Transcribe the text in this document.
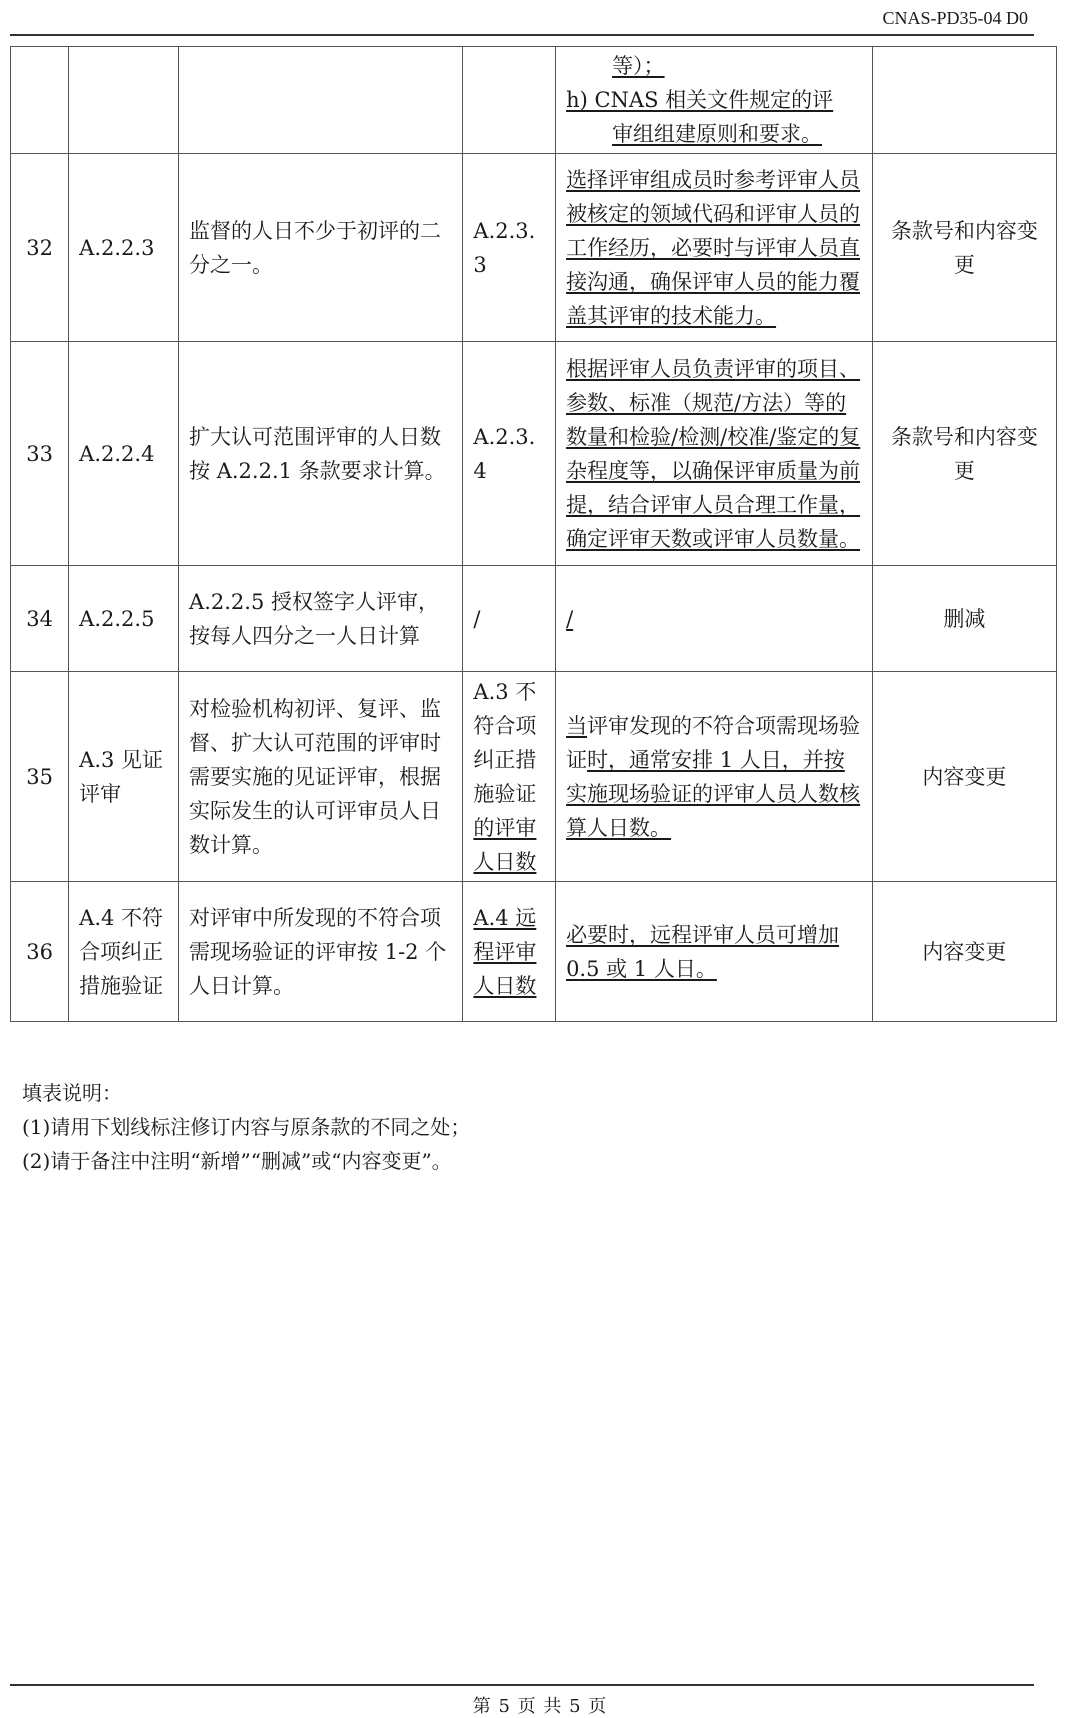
CNAS-PD35-04 D0

				等）；
h) CNAS 相关文件规定的评
审组组建原则和要求。	

32	A.2.2.3	监督的人日不少于初评的二分之一。	A.2.3.3	选择评审组成员时参考评审人员被核定的领域代码和评审人员的工作经历，必要时与评审人员直接沟通，确保评审人员的能力覆盖其评审的技术能力。	条款号和内容变更
33	A.2.2.4	扩大认可范围评审的人日数按 A.2.2.1 条款要求计算。	A.2.3.4	根据评审人员负责评审的项目、参数、标准（规范/方法）等的数量和检验/检测/校准/鉴定的复杂程度等，以确保评审质量为前提，结合评审人员合理工作量，确定评审天数或评审人员数量。	条款号和内容变更
34	A.2.2.5	A.2.2.5 授权签字人评审，按每人四分之一人日计算	/	/	删减
35	A.3 见证评审	对检验机构初评、复评、监督、扩大认可范围的评审时需要实施的见证评审，根据实际发生的认可评审员人日数计算。	A.3 不符合项纠正措施验证的评审人日数	当评审发现的不符合项需现场验证时，通常安排 1 人日，并按实施现场验证的评审人员人数核算人日数。	内容变更
36	A.4 不符合项纠正措施验证	对评审中所发现的不符合项需现场验证的评审按 1-2 个人日计算。	A.4 远程评审人日数	必要时，远程评审人员可增加 0.5 或 1 人日。	内容变更
填表说明：
(1)请用下划线标注修订内容与原条款的不同之处；
(2)请于备注中注明“新增”“删减”或“内容变更”。
第 5 页 共 5 页
